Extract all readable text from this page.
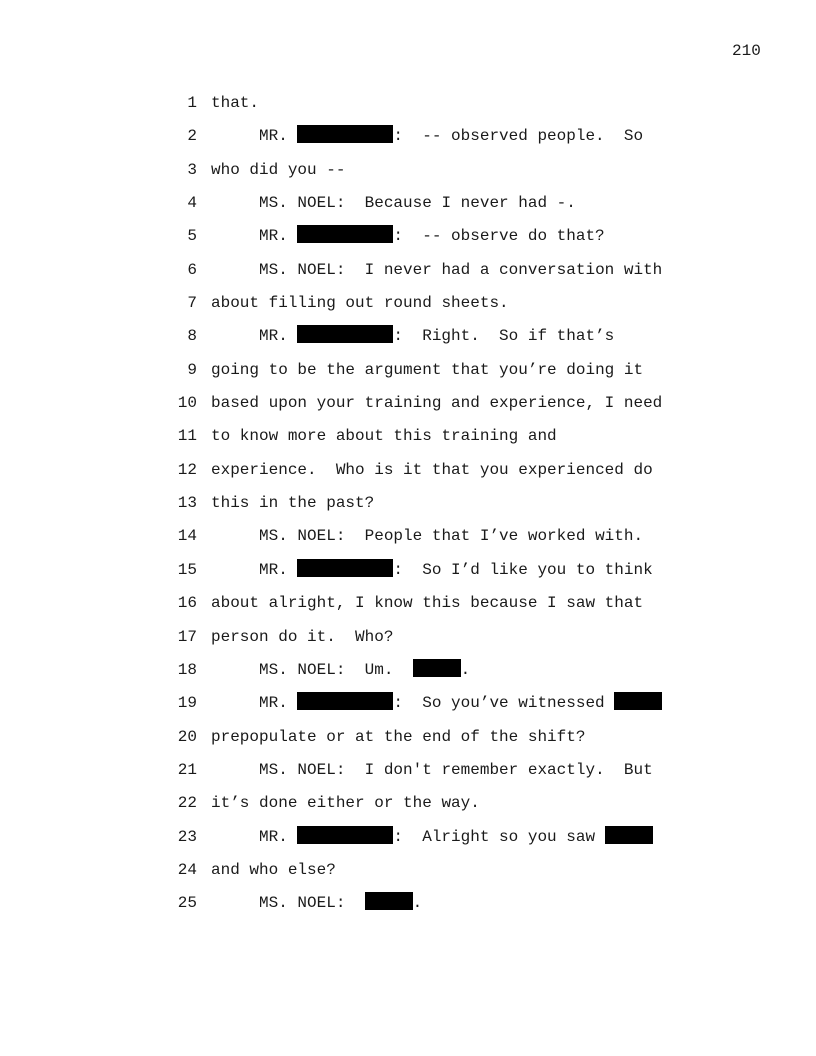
210
1 that.
2 MR.	:  -- observed people.  So
3 who did you --
4 MS. NOEL:  Because I never had -.
5 MR.	:  -- observe do that?
6 MS. NOEL:  I never had a conversation with
7 about filling out round sheets.
8 MR.	:  Right.  So if that’s
9 going to be the argument that you’re doing it
10 based upon your training and experience, I need
11 to know more about this training and
12 experience.  Who is it that you experienced do
13 this in the past?
14 MS. NOEL:  People that I’ve worked with.
15 MR.	:  So I’d like you to think
16 about alright, I know this because I saw that
17 person do it.  Who?
18 MS. NOEL:  Um.	.
19 MR.	:  So you’ve witnessed
20 prepopulate or at the end of the shift?
21 MS. NOEL:  I don't remember exactly.  But
22 it’s done either or the way.
23 MR.	:  Alright so you saw
24 and who else?
25 MS. NOEL:	.
